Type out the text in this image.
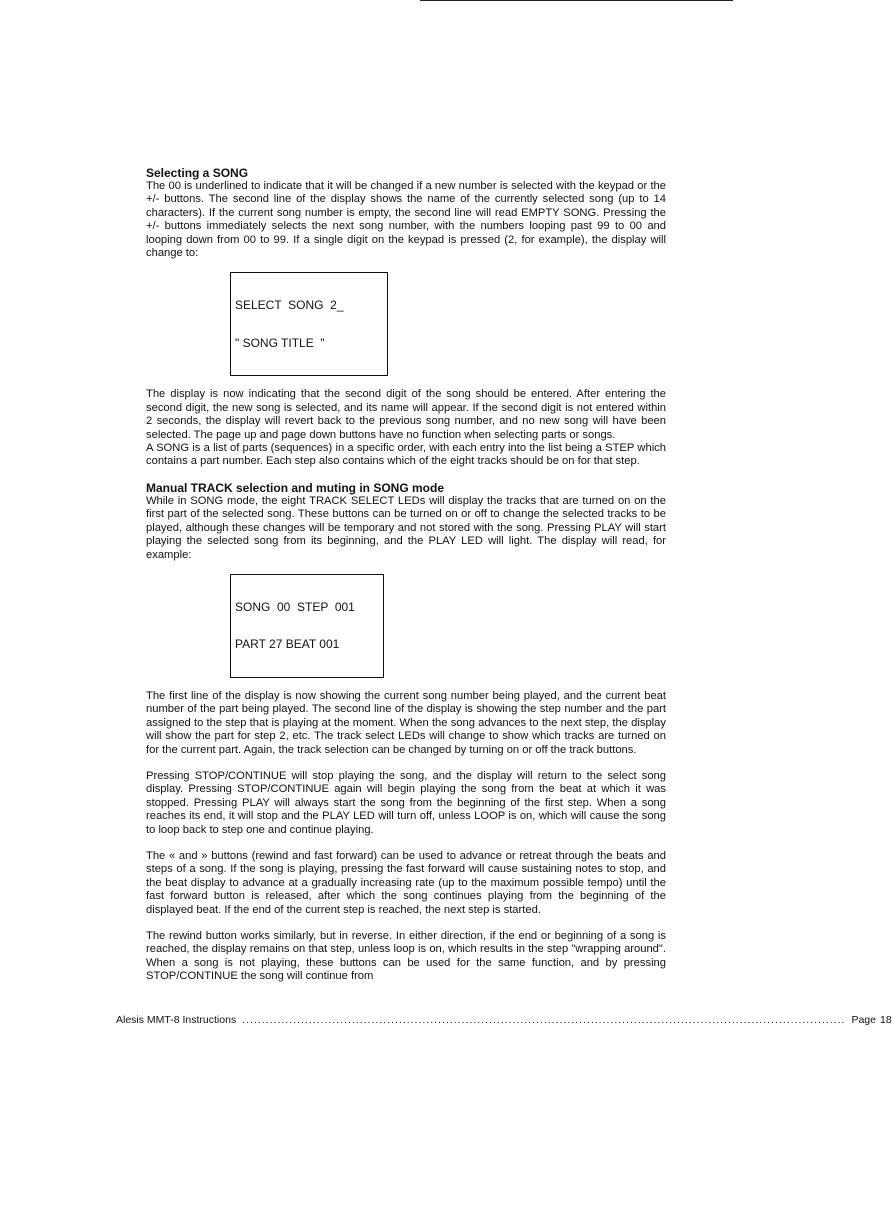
Selecting a SONG

The 00 is underlined to indicate that it will be changed if a new number is selected with the keypad or the +/- buttons. The second line of the display shows the name of the currently selected song (up to 14 characters). If the current song number is empty, the second line will read EMPTY SONG. Pressing the +/- buttons immediately selects the next song number, with the numbers looping past 99 to 00 and looping down from 00 to 99. If a single digit on the keypad is pressed (2, for example), the display will change to:

SELECT  SONG  2_

" SONG TITLE  "

The display is now indicating that the second digit of the song should be entered. After entering the second digit, the new song is selected, and its name will appear. If the second digit is not entered within 2 seconds, the display will revert back to the previous song number, and no new song will have been selected. The page up and page down buttons have no function when selecting parts or songs.

A SONG is a list of parts (sequences) in a specific order, with each entry into the list being a STEP which contains a part number. Each step also contains which of the eight tracks should be on for that step.

Manual TRACK selection and muting in SONG mode

While in SONG mode, the eight TRACK SELECT LEDs will display the tracks that are turned on on the first part of the selected song. These buttons can be turned on or off to change the selected tracks to be played, although these changes will be temporary and not stored with the song. Pressing PLAY will start playing the selected song from its beginning, and the PLAY LED will light. The display will read, for example:

SONG  00  STEP  001

PART 27 BEAT 001

The first line of the display is now showing the current song number being played, and the current beat number of the part being played. The second line of the display is showing the step number and the part assigned to the step that is playing at the moment. When the song advances to the next step, the display will show the part for step 2, etc. The track select LEDs will change to show which tracks are turned on for the current part. Again, the track selection can be changed by turning on or off the track buttons.

Pressing STOP/CONTINUE will stop playing the song, and the display will return to the select song display. Pressing STOP/CONTINUE again will begin playing the song from the beat at which it was stopped. Pressing PLAY will always start the song from the beginning of the first step. When a song reaches its end, it will stop and the PLAY LED will turn off, unless LOOP is on, which will cause the song to loop back to step one and continue playing.

The « and » buttons (rewind and fast forward) can be used to advance or retreat through the beats and steps of a song. If the song is playing, pressing the fast forward will cause sustaining notes to stop, and the beat display to advance at a gradually increasing rate (up to the maximum possible tempo) until the fast forward button is released, after which the song continues playing from the beginning of the displayed beat. If the end of the current step is reached, the next step is started.

The rewind button works similarly, but in reverse. In either direction, if the end or beginning of a song is reached, the display remains on that step, unless loop is on, which results in the step "wrapping around". When a song is not playing, these buttons can be used for the same function, and by pressing STOP/CONTINUE the song will continue from

Alesis MMT-8 Instructions .......................................................................................................................................................... Page 18
